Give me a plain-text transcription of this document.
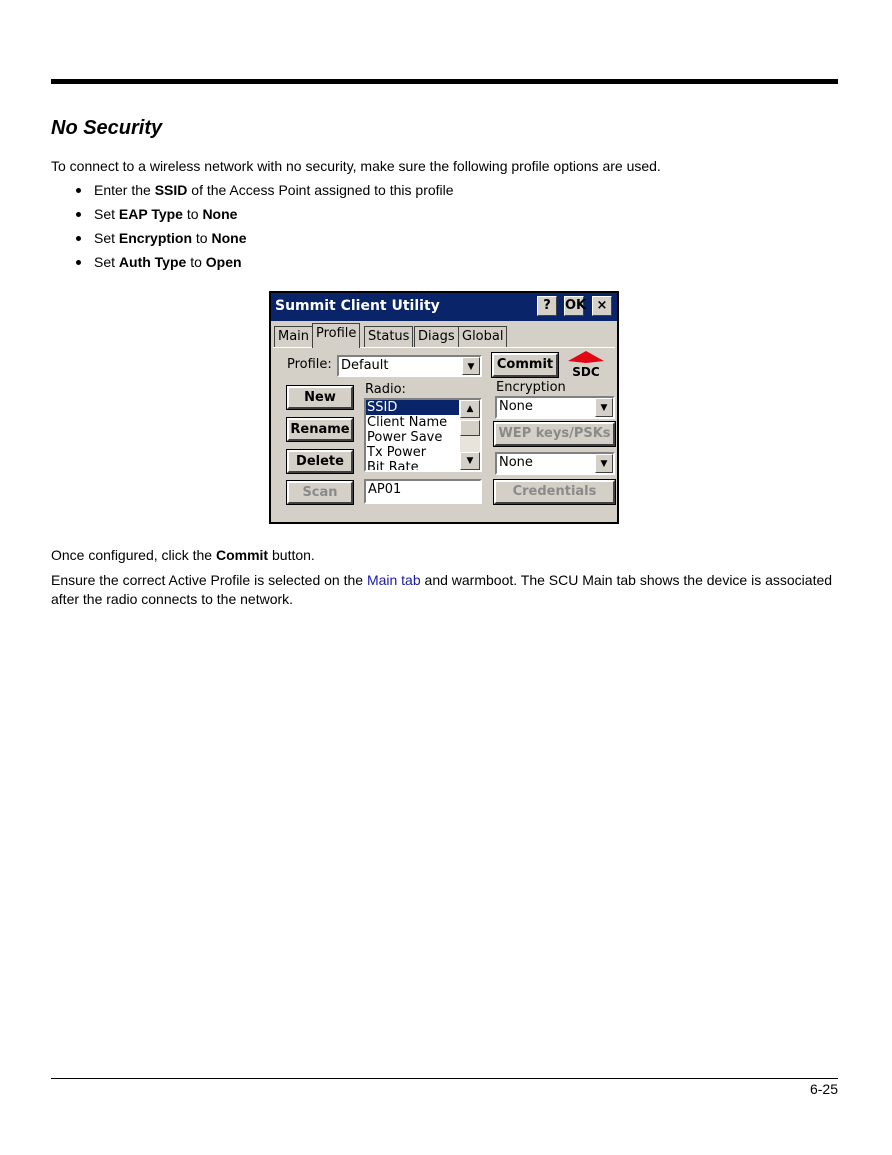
No Security
To connect to a wireless network with no security, make sure the following profile options are used.
Enter the SSID of the Access Point assigned to this profile
Set EAP Type to None
Set Encryption to None
Set Auth Type to Open
Summit Client Utility	?	OK ×
Main Profile Status Diags Global
Profile: Default	▼	Commit	SDC
Radio:
SSID
Client Name
Power Save
Tx Power
Bit Rate
▲
▼
AP01
New
Rename
Delete
Scan
Encryption
None	▼
WEP keys/PSKs
None	▼
Credentials
Once configured, click the Commit button.
Ensure the correct Active Profile is selected on the Main tab and warmboot. The SCU Main tab shows the device is associated after the radio connects to the network.
6-25
